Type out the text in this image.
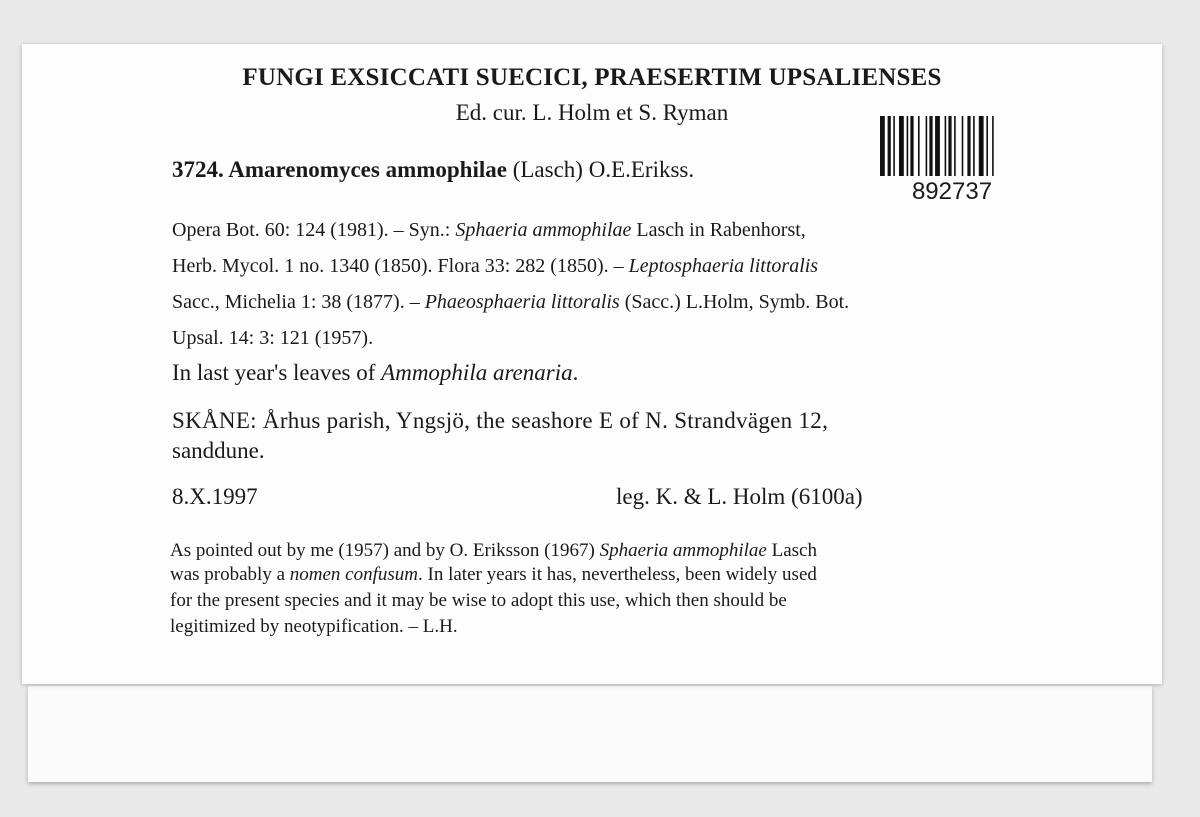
FUNGI EXSICCATI SUECICI, PRAESERTIM UPSALIENSES

Ed. cur. L. Holm et S. Ryman

3724. Amarenomyces ammophilae (Lasch) O.E.Erikss.

892737

Opera Bot. 60: 124 (1981). – Syn.: Sphaeria ammophilae Lasch in Rabenhorst,

Herb. Mycol. 1 no. 1340 (1850). Flora 33: 282 (1850). – Leptosphaeria littoralis

Sacc., Michelia 1: 38 (1877). – Phaeosphaeria littoralis (Sacc.) L.Holm, Symb. Bot.

Upsal. 14: 3: 121 (1957).

In last year's leaves of Ammophila arenaria.

SKÅNE: Århus parish, Yngsjö, the seashore E of N. Strandvägen 12,

sanddune.

8.X.1997	leg. K. & L. Holm (6100a)

As pointed out by me (1957) and by O. Eriksson (1967) Sphaeria ammophilae Lasch

was probably a nomen confusum. In later years it has, nevertheless, been widely used

for the present species and it may be wise to adopt this use, which then should be

legitimized by neotypification. – L.H.
